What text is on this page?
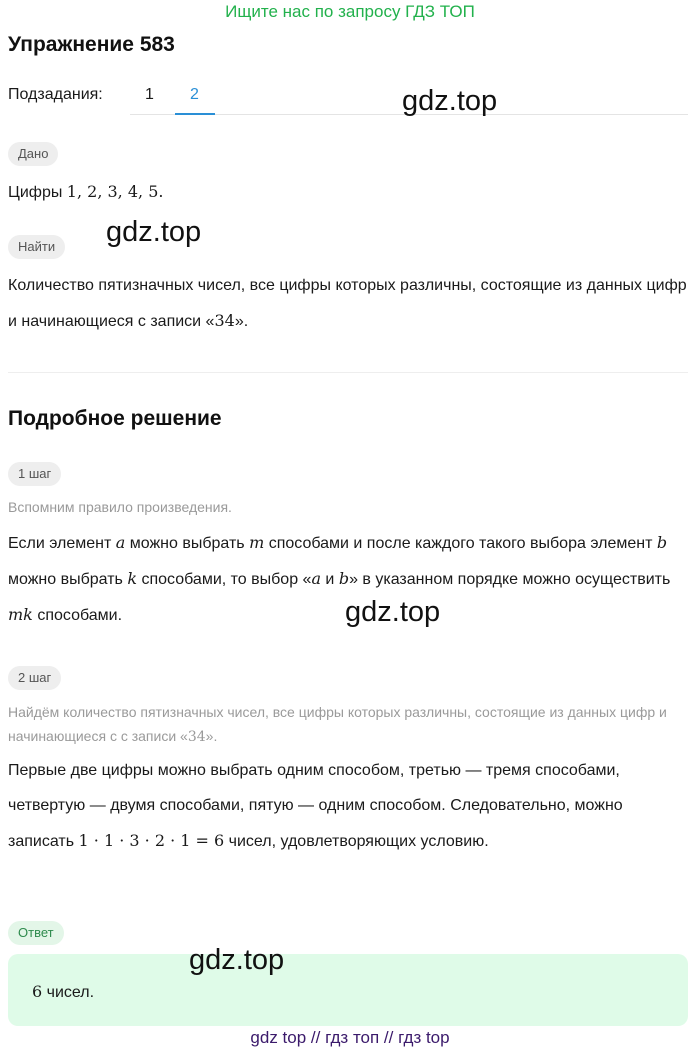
Ищите нас по запросу ГДЗ ТОП
Упражнение 583
Подзадания:	1 2	gdz.top
Дано
Цифры 1, 2, 3, 4, 5.
Найти	gdz.top
Количество пятизначных чисел, все цифры которых различны, состоящие из данных цифр и начинающиеся с записи «34».
Подробное решение
1 шаг
Вспомним правило произведения.
Если элемент a можно выбрать m способами и после каждого такого выбора элемент b можно выбрать k способами, то выбор «a и b» в указанном порядке можно осуществить mk способами.	gdz.top
2 шаг
Найдём количество пятизначных чисел, все цифры которых различны, состоящие из данных цифр и начинающиеся с с записи «34».
Первые две цифры можно выбрать одним способом, третью — тремя способами, четвертую — двумя способами, пятую — одним способом. Следовательно, можно записать 1 · 1 · 3 · 2 · 1 = 6 чисел, удовлетворяющих условию.
Ответ
gdz.top
6 чисел.
gdz top // гдз топ // гдз top
